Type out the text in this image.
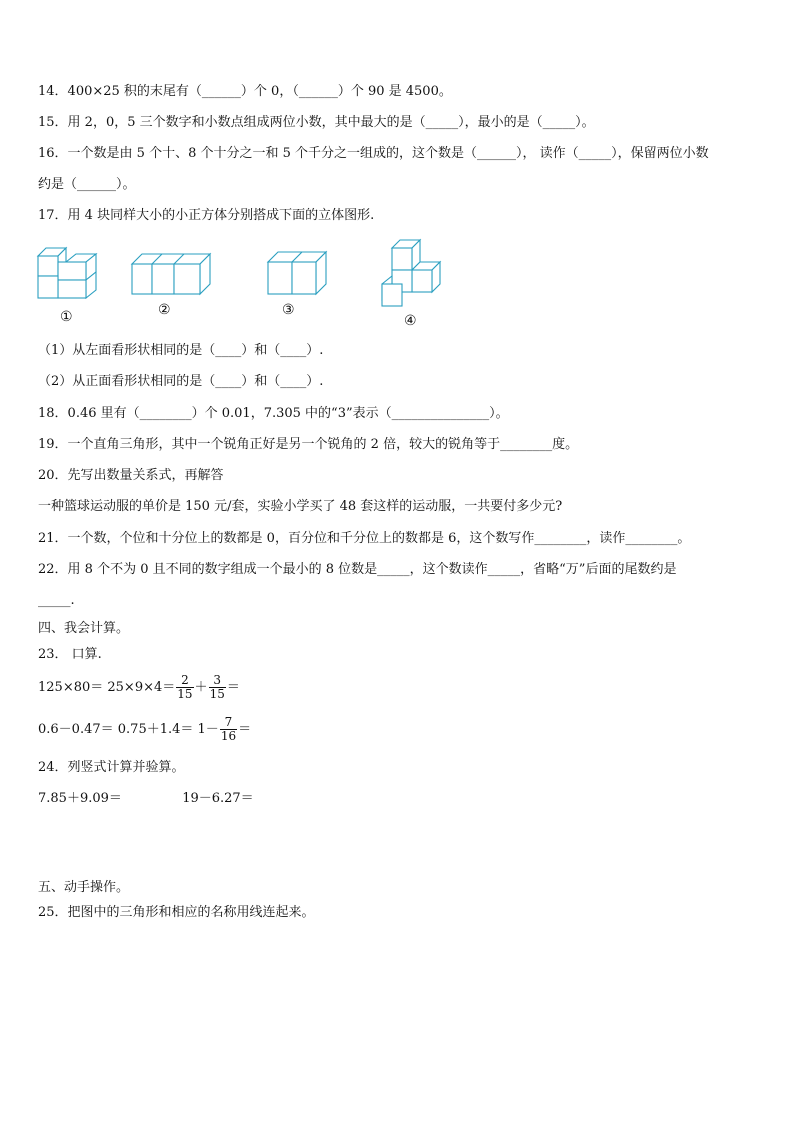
14．400×25 积的末尾有（______）个 0，（______）个 90 是 4500。
15．用 2，0，5 三个数字和小数点组成两位小数，其中最大的是（_____），最小的是（_____）。
16．一个数是由 5 个十、8 个十分之一和 5 个千分之一组成的，这个数是（______）， 读作（_____），保留两位小数
约是（______）。
17．用 4 块同样大小的小正方体分别搭成下面的立体图形.
①	②	③
④
（1）从左面看形状相同的是（____）和（____）.
（2）从正面看形状相同的是（____）和（____）.
18．0.46 里有（________）个 0.01，7.305 中的“3”表示（_______________）。
19．一个直角三角形，其中一个锐角正好是另一个锐角的 2 倍，较大的锐角等于________度。
20．先写出数量关系式，再解答
一种篮球运动服的单价是 150 元/套，实验小学买了 48 套这样的运动服，一共要付多少元?
21．一个数，个位和十分位上的数都是 0，百分位和千分位上的数都是 6，这个数写作________，读作________。
22．用 8 个不为 0 且不同的数字组成一个最小的 8 位数是_____，这个数读作_____，省略“万”后面的尾数约是
_____.
四、我会计算。
23． 口算.
$125\times 80= 25\times 9\times 4= \frac{2}{15} + \frac{3}{15}$ ＝
$0.6-0.47= 0.75+1.4= 1- \frac{7}{16}$ ＝
24．列竖式计算并验算。
7.85＋9.09＝	19－6.27＝
五、动手操作。
25．把图中的三角形和相应的名称用线连起来。
